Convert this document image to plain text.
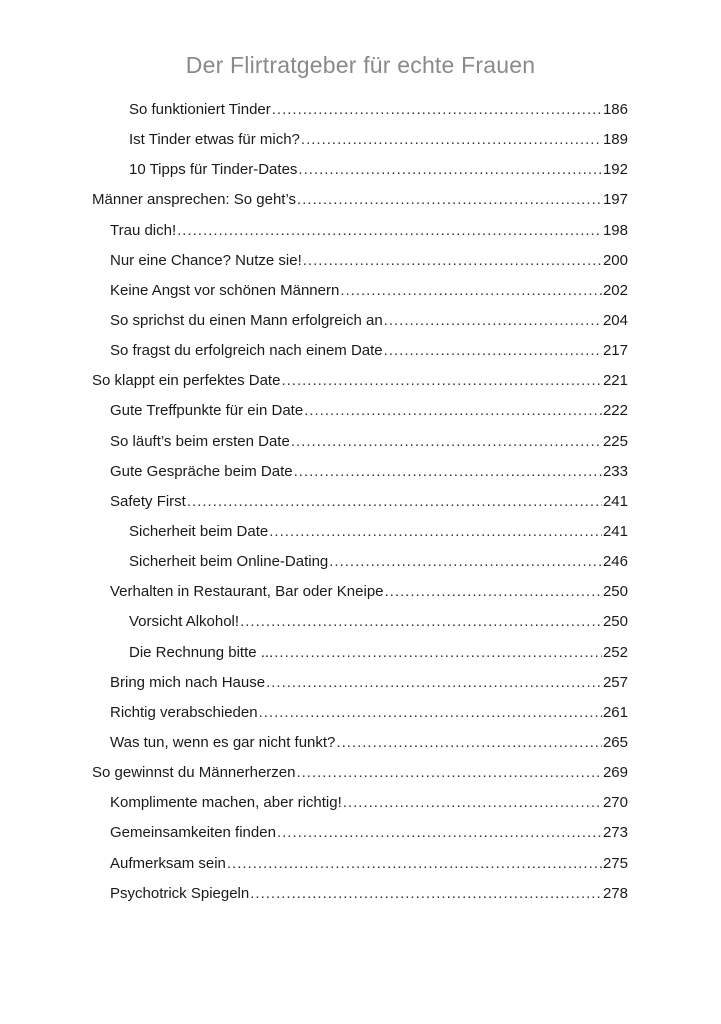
Der Flirtratgeber für echte Frauen
So funktioniert Tinder .....	186
Ist Tinder etwas für mich? .....	189
10 Tipps für Tinder-Dates .....	192
Männer ansprechen: So geht’s .....	197
Trau dich! .....	198
Nur eine Chance? Nutze sie! .....	200
Keine Angst vor schönen Männern .....	202
So sprichst du einen Mann erfolgreich an .....	204
So fragst du erfolgreich nach einem Date .....	217
So klappt ein perfektes Date .....	221
Gute Treffpunkte für ein Date .....	222
So läuft’s beim ersten Date .....	225
Gute Gespräche beim Date .....	233
Safety First .....	241
Sicherheit beim Date .....	241
Sicherheit beim Online-Dating .....	246
Verhalten in Restaurant, Bar oder Kneipe .....	250
Vorsicht Alkohol! .....	250
Die Rechnung bitte ... .....	252
Bring mich nach Hause .....	257
Richtig verabschieden .....	261
Was tun, wenn es gar nicht funkt? .....	265
So gewinnst du Männerherzen .....	269
Komplimente machen, aber richtig! .....	270
Gemeinsamkeiten finden .....	273
Aufmerksam sein .....	275
Psychotrick Spiegeln .....	278
